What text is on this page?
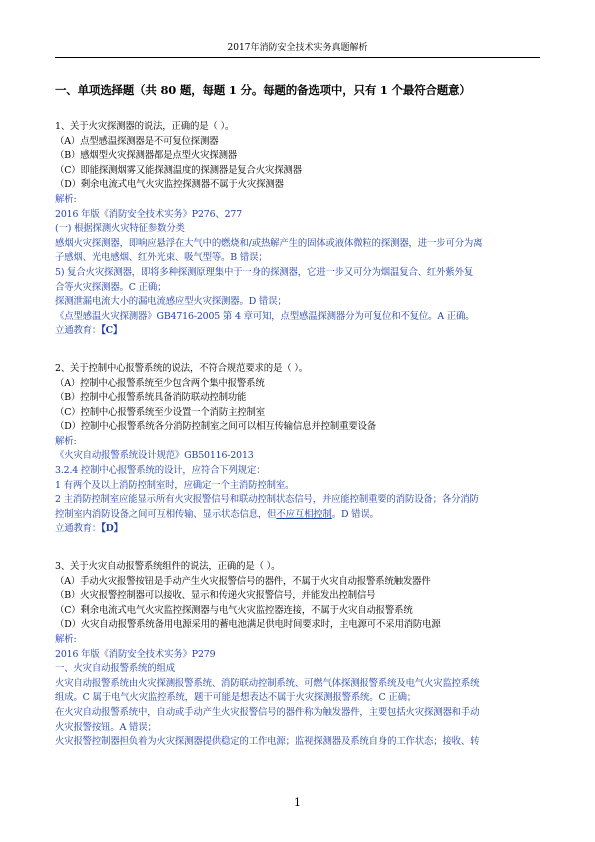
2017年消防安全技术实务真题解析
一、单项选择题（共 80 题，每题 1 分。每题的备选项中，只有 1 个最符合题意）
1、关于火灾探测器的说法，正确的是（ ）。
（A）点型感温探测器是不可复位探测器
（B）感烟型火灾探测器都是点型火灾探测器
（C）即能探测烟雾又能探测温度的探测器是复合火灾探测器
（D）剩余电流式电气火灾监控探测器不属于火灾探测器
解析:
2016 年版《消防安全技术实务》P276、277
(一) 根据探测火灾特征参数分类
感烟火灾探测器，即响应悬浮在大气中的燃烧和/或热解产生的固体或液体微粒的探测器，进一步可分为离
子感烟、光电感烟、红外光束、吸气型等。B 错误；
5) 复合火灾探测器，即将多种探测原理集中于一身的探测器，它进一步又可分为烟温复合、红外紫外复
合等火灾探测器。C 正确；
探测泄漏电流大小的漏电流感应型火灾探测器。D 错误；
《点型感温火灾探测器》GB4716-2005 第 4 章可知，点型感温探测器分为可复位和不复位。A 正确。
立通教育：【C】
2、关于控制中心报警系统的说法，不符合规范要求的是（ ）。
（A）控制中心报警系统至少包含两个集中报警系统
（B）控制中心报警系统具备消防联动控制功能
（C）控制中心报警系统至少设置一个消防主控制室
（D）控制中心报警系统各分消防控制室之间可以相互传输信息并控制重要设备
解析:
《火灾自动报警系统设计规范》GB50116-2013
3.2.4 控制中心报警系统的设计，应符合下列规定：
1 有两个及以上消防控制室时，应确定一个主消防控制室。
2 主消防控制室应能显示所有火灾报警信号和联动控制状态信号，并应能控制重要的消防设备；各分消防
控制室内消防设备之间可互相传输、显示状态信息，但不应互相控制。D 错误。
立通教育：【D】
3、关于火灾自动报警系统组件的说法，正确的是（ ）。
（A）手动火灾报警按钮是手动产生火灾报警信号的器件，不属于火灾自动报警系统触发器件
（B）火灾报警控制器可以接收、显示和传递火灾报警信号，并能发出控制信号
（C）剩余电流式电气火灾监控探测器与电气火灾监控器连接，不属于火灾自动报警系统
（D）火灾自动报警系统备用电源采用的蓄电池满足供电时间要求时，主电源可不采用消防电源
解析:
2016 年版《消防安全技术实务》P279
一、火灾自动报警系统的组成
火灾自动报警系统由火灾探测报警系统、消防联动控制系统、可燃气体探测报警系统及电气火灾监控系统
组成。C 属于电气火灾监控系统，题干可能是想表达不属于火灾探测报警系统。C 正确；
在火灾自动报警系统中，自动或手动产生火灾报警信号的器件称为触发器件，主要包括火灾探测器和手动
火灾报警按钮。A 错误；
火灾报警控制器担负着为火灾探测器提供稳定的工作电源；监视探测器及系统自身的工作状态；接收、转
1
